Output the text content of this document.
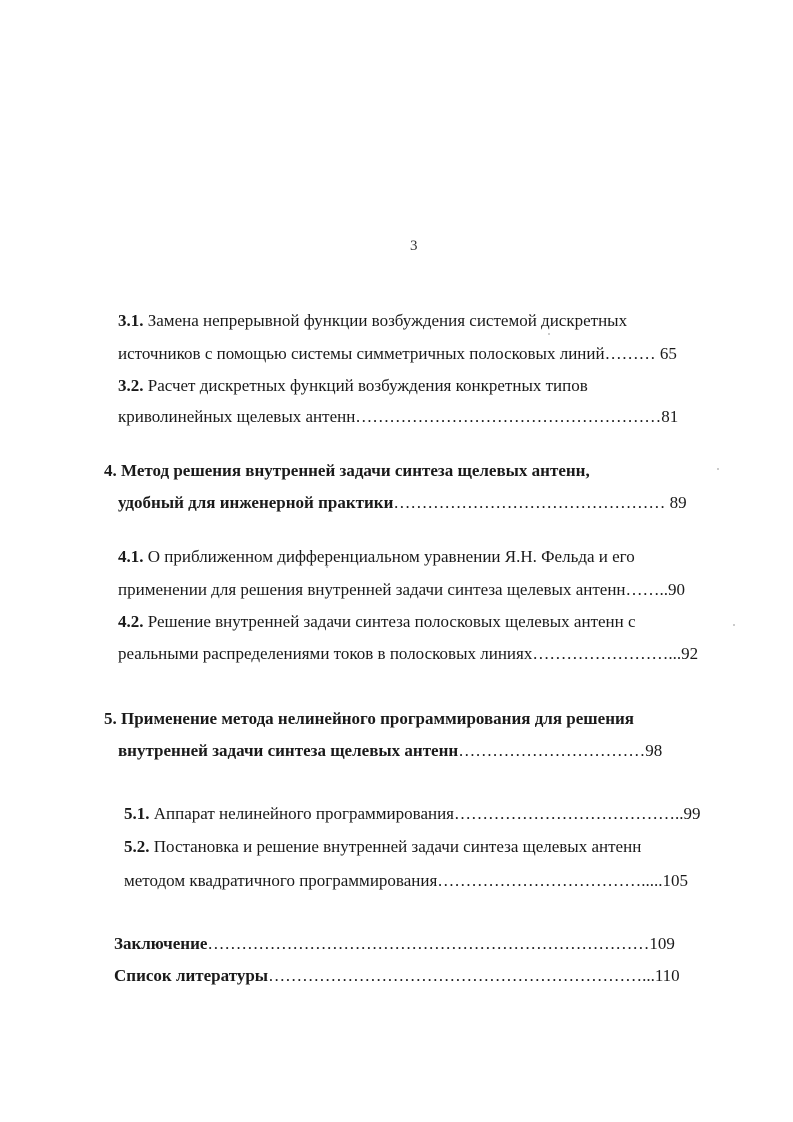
3
3.1. Замена непрерывной функции возбуждения системой дискретных
источников с помощью системы симметричных полосковых линий……… 65
3.2. Расчет дискретных функций возбуждения конкретных типов
криволинейных щелевых антенн………………………………………………81
4. Метод решения внутренней задачи синтеза щелевых антенн,
удобный для инженерной практики………………………………………… 89
4.1. О приближенном дифференциальном уравнении Я.Н. Фельда и его
применении для решения внутренней задачи синтеза щелевых антенн……..90
4.2. Решение внутренней задачи синтеза полосковых щелевых антенн с
реальными распределениями токов в полосковых линиях……………………...92
5. Применение метода нелинейного программирования для решения
внутренней задачи синтеза щелевых антенн……………………………98
5.1. Аппарат нелинейного программирования…………………………………..99
5.2. Постановка и решение внутренней задачи синтеза щелевых антенн
методом квадратичного программирования……………………………….....105
Заключение……………………………………………………………………109
Список литературы…………………………………………………………...110
